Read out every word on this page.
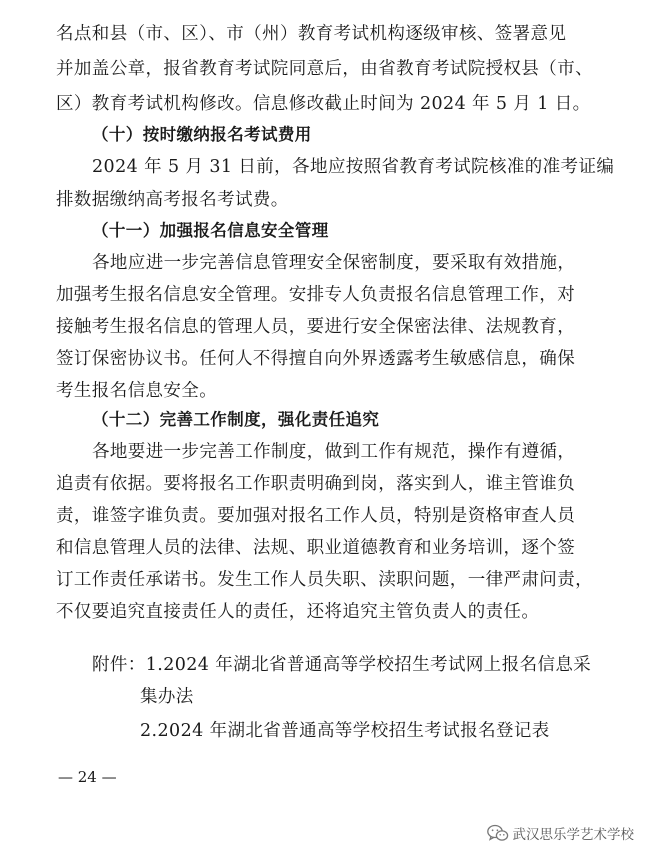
名点和县（市、区）、市（州）教育考试机构逐级审核、签署意见
并加盖公章，报省教育考试院同意后，由省教育考试院授权县（市、
区）教育考试机构修改。信息修改截止时间为 2024 年 5 月 1 日。
（十）按时缴纳报名考试费用
2024 年 5 月 31 日前，各地应按照省教育考试院核准的准考证编
排数据缴纳高考报名考试费。
（十一）加强报名信息安全管理
各地应进一步完善信息管理安全保密制度，要采取有效措施，
加强考生报名信息安全管理。安排专人负责报名信息管理工作，对
接触考生报名信息的管理人员，要进行安全保密法律、法规教育，
签订保密协议书。任何人不得擅自向外界透露考生敏感信息，确保
考生报名信息安全。
（十二）完善工作制度，强化责任追究
各地要进一步完善工作制度，做到工作有规范，操作有遵循，
追责有依据。要将报名工作职责明确到岗，落实到人，谁主管谁负
责，谁签字谁负责。要加强对报名工作人员，特别是资格审查人员
和信息管理人员的法律、法规、职业道德教育和业务培训，逐个签
订工作责任承诺书。发生工作人员失职、渎职问题，一律严肃问责，
不仅要追究直接责任人的责任，还将追究主管负责人的责任。
附件：1.2024 年湖北省普通高等学校招生考试网上报名信息采
集办法
2.2024 年湖北省普通高等学校招生考试报名登记表
— 24 —
武汉思乐学艺术学校
